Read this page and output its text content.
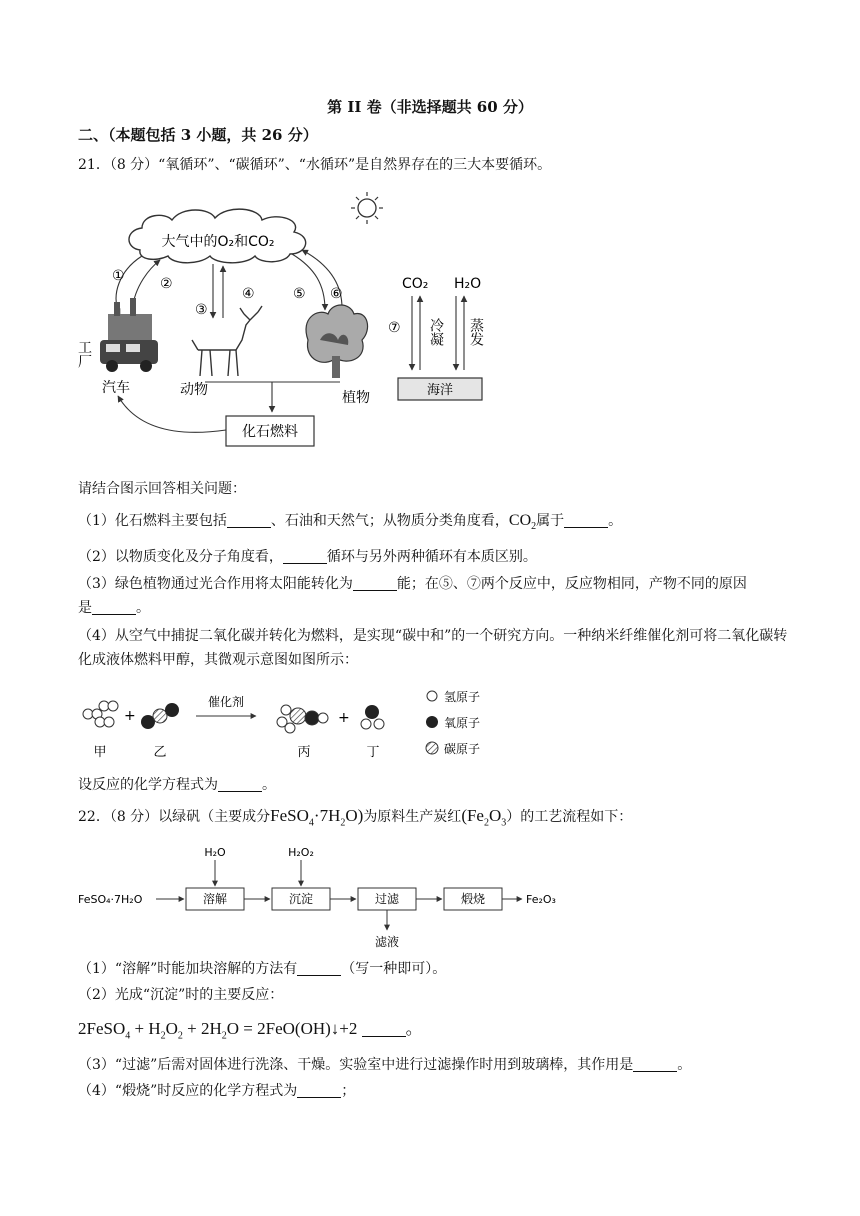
第 II 卷（非选择题共 60 分）
二、（本题包括 3 小题，共 26 分）
21．（8 分）“氧循环”、“碳循环”、“水循环”是自然界存在的三大本要循环。
大气中的O₂和CO₂
①	②
③
④	⑤ ⑥
工厂
汽车	动物	植物
化石燃料
CO₂ H₂O
⑦ 冷凝 蒸发
海洋
请结合图示回答相关问题：
（1）化石燃料主要包括	、石油和天然气；从物质分类角度看，$CO_2$属于	。
（2）以物质变化及分子角度看，	循环与另外两种循环有本质区别。
（3）绿色植物通过光合作用将太阳能转化为	能；在⑤、⑦两个反应中，反应物相同，产物不同的原因
是	。
（4）从空气中捕捉二氧化碳并转化为燃料，是实现“碳中和”的一个研究方向。一种纳米纤维催化剂可将二氧化碳转化成液体燃料甲醇，其微观示意图如图所示：
+
催化剂
+
甲	乙	丙	丁
氢原子
氧原子
碳原子
设反应的化学方程式为	。
22．（8 分）以绿矾（主要成分$FeSO_4\cdot 7H_2O$)为原料生产炭红$(Fe_2O_3)$的工艺流程如下：
FeSO₄·7H₂O	溶解
H₂O
沉淀
H₂O₂
过滤
滤液
煅烧	Fe₂O₃
（1）“溶解”时能加块溶解的方法有	（写一种即可）。
（2）光成“沉淀”时的主要反应：
2FeSO$_4$ + $H_2O_2 + 2H_2O$ = 2FeO(OH)↓+2	。
（3）“过滤”后需对固体进行洗涤、干燥。实验室中进行过滤操作时用到玻璃棒，其作用是	。
（4）“煅烧”时反应的化学方程式为	；
